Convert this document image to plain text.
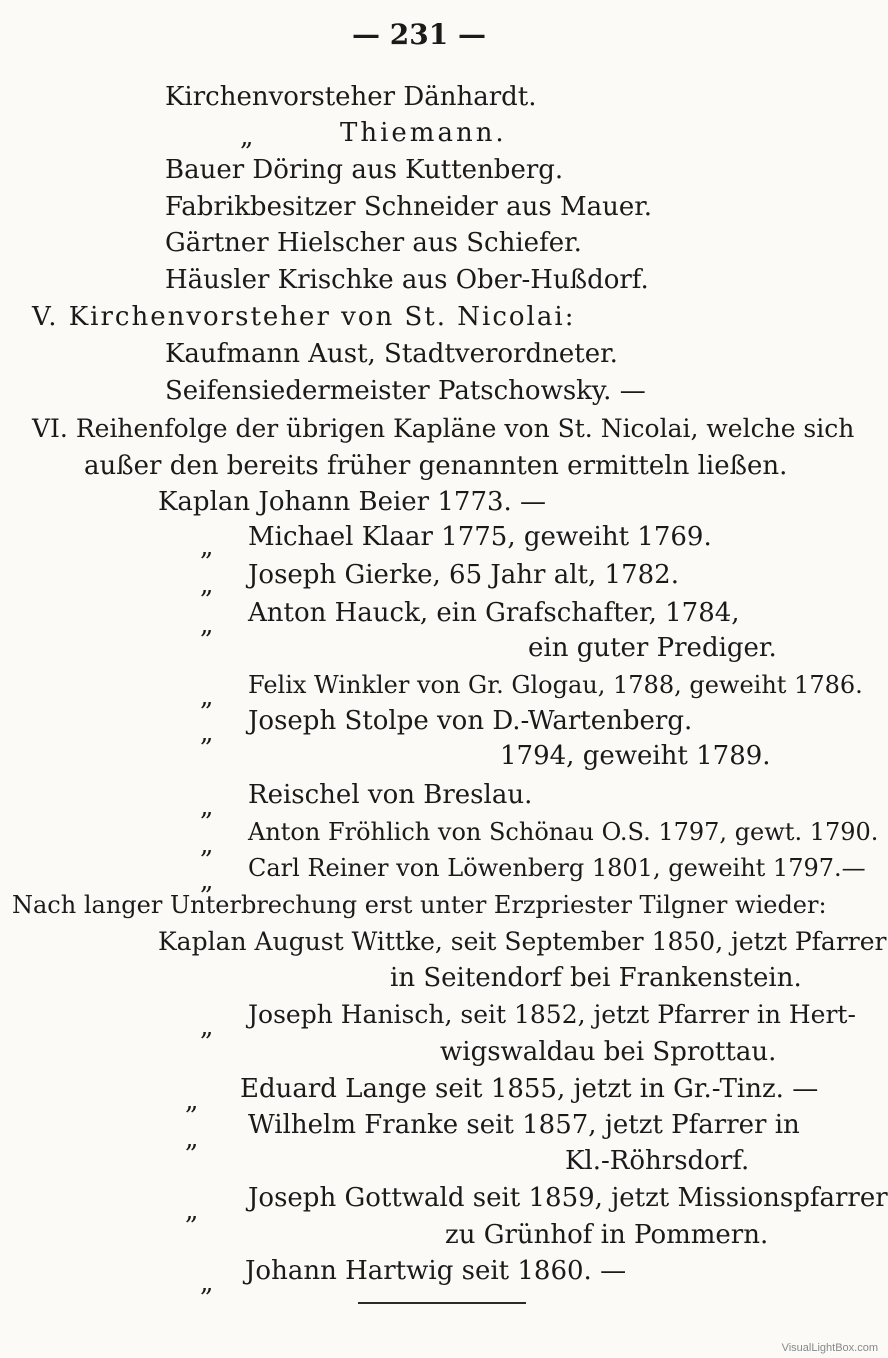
— 231 —
Kirchenvorsteher Dänhardt.
„	Thiemann.
Bauer Döring aus Kuttenberg.
Fabrikbesitzer Schneider aus Mauer.
Gärtner Hielscher aus Schiefer.
Häusler Krischke aus Ober-Hußdorf.
V. Kirchenvorsteher von St. Nicolai:
Kaufmann Aust, Stadtverordneter.
Seifensiedermeister Patschowsky. —
VI. Reihenfolge der übrigen Kapläne von St. Nicolai, welche sich
außer den bereits früher genannten ermitteln ließen.
Kaplan Johann Beier 1773. —
„ Michael Klaar 1775, geweiht 1769.
„ Joseph Gierke, 65 Jahr alt, 1782.
„ Anton Hauck, ein Grafschafter, 1784,
ein guter Prediger.
„ Felix Winkler von Gr. Glogau, 1788, geweiht 1786.
„ Joseph Stolpe von D.-Wartenberg.
1794, geweiht 1789.
„ Reischel von Breslau.
„ Anton Fröhlich von Schönau O.S. 1797, gewt. 1790.
„ Carl Reiner von Löwenberg 1801, geweiht 1797.—
Nach langer Unterbrechung erst unter Erzpriester Tilgner wieder:
Kaplan August Wittke, seit September 1850, jetzt Pfarrer
in Seitendorf bei Frankenstein.
„ Joseph Hanisch, seit 1852, jetzt Pfarrer in Hert-
wigswaldau bei Sprottau.
„ Eduard Lange seit 1855, jetzt in Gr.-Tinz. —
„ Wilhelm Franke seit 1857, jetzt Pfarrer in
Kl.-Röhrsdorf.
„ Joseph Gottwald seit 1859, jetzt Missionspfarrer
zu Grünhof in Pommern.
„ Johann Hartwig seit 1860. —
VisualLightBox.com
